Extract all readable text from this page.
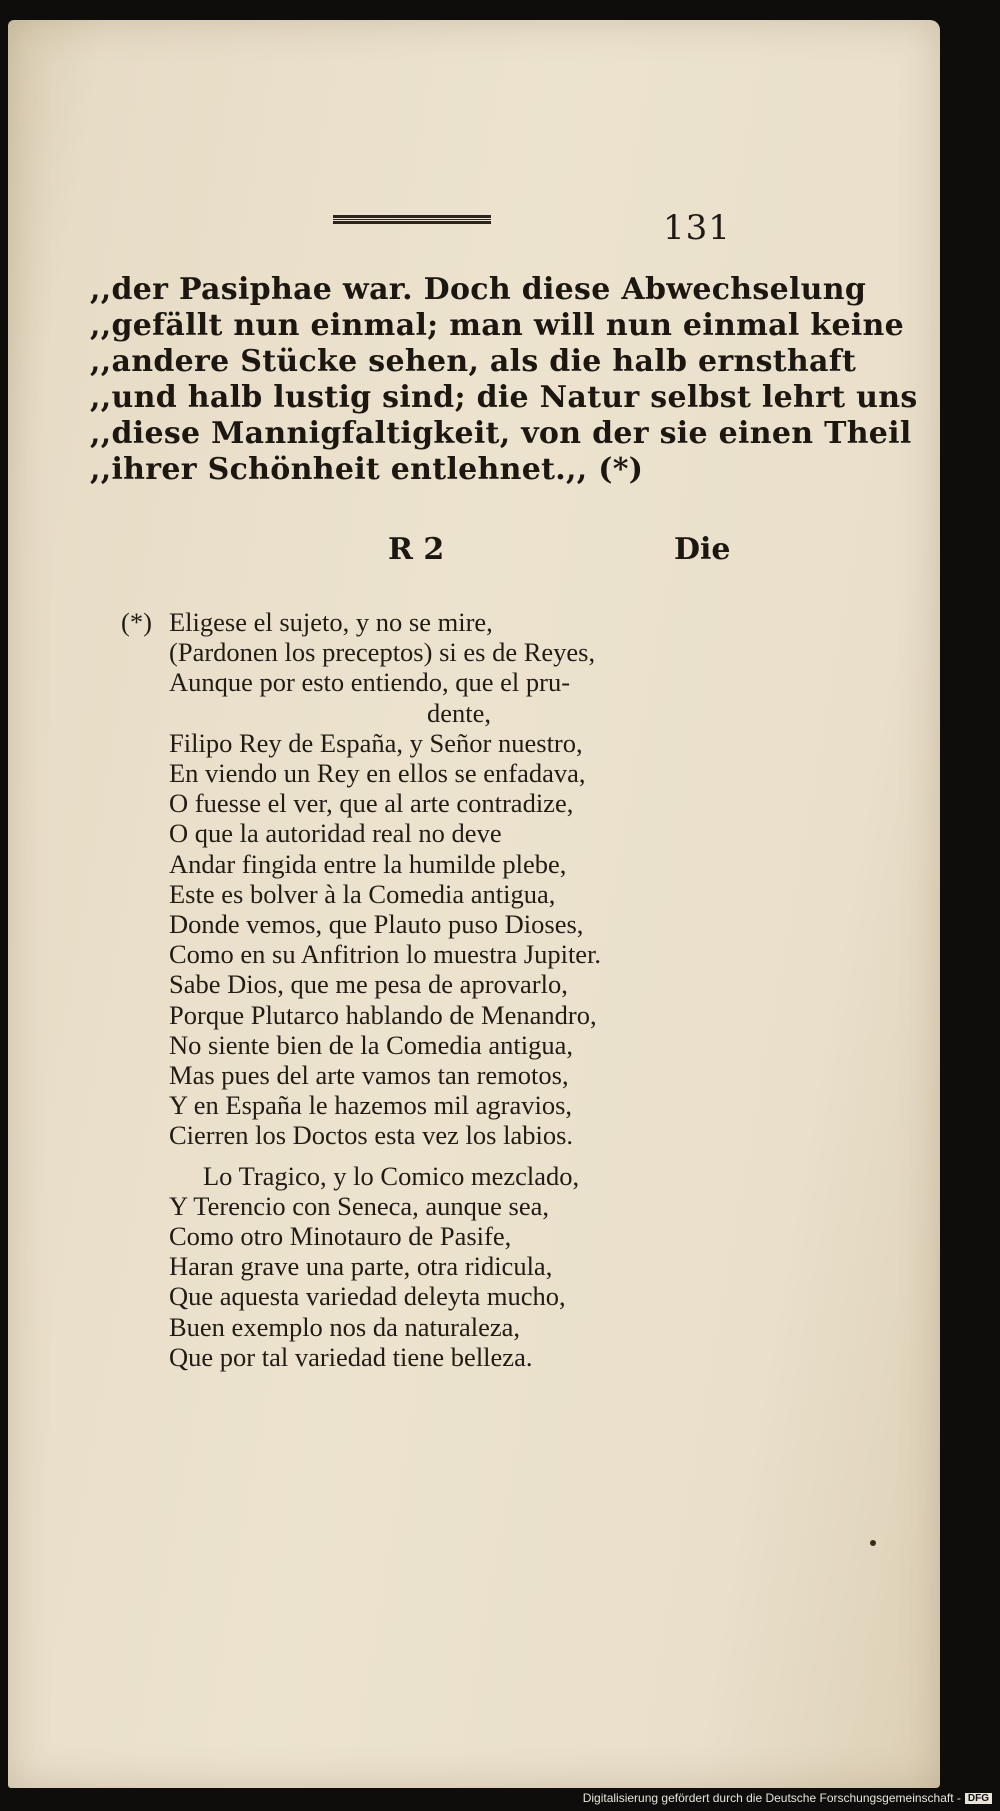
131
,,der Pasiphae war. Doch diese Abwechselung
,,gefällt nun einmal; man will nun einmal keine
,,andere Stücke sehen, als die halb ernsthaft
,,und halb lustig sind; die Natur selbst lehrt uns
,,diese Mannigfaltigkeit, von der sie einen Theil
,,ihrer Schönheit entlehnet.,, (*)
R 2	Die
(*) Eligese el sujeto, y no se mire,
(Pardonen los preceptos) si es de Reyes,
Aunque por esto entiendo, que el pru-
dente,
Filipo Rey de España, y Señor nuestro,
En viendo un Rey en ellos se enfadava,
O fuesse el ver, que al arte contradize,
O que la autoridad real no deve
Andar fingida entre la humilde plebe,
Este es bolver à la Comedia antigua,
Donde vemos, que Plauto puso Dioses,
Como en su Anfitrion lo muestra Jupiter.
Sabe Dios, que me pesa de aprovarlo,
Porque Plutarco hablando de Menandro,
No siente bien de la Comedia antigua,
Mas pues del arte vamos tan remotos,
Y en España le hazemos mil agravios,
Cierren los Doctos esta vez los labios.
Lo Tragico, y lo Comico mezclado,
Y Terencio con Seneca, aunque sea,
Como otro Minotauro de Pasife,
Haran grave una parte, otra ridicula,
Que aquesta variedad deleyta mucho,
Buen exemplo nos da naturaleza,
Que por tal variedad tiene belleza.
Digitalisierung gefördert durch die Deutsche Forschungsgemeinschaft - DFG
